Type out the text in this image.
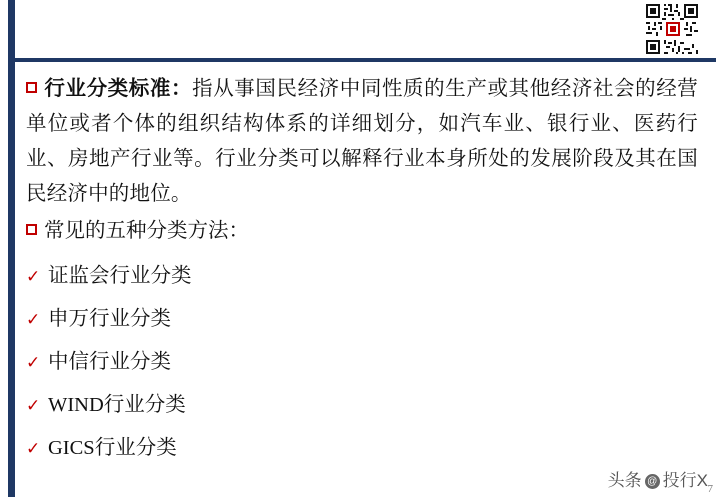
行业分类标准：指从事国民经济中同性质的生产或其他经济社会的经营单位或者个体的组织结构体系的详细划分，如汽车业、银行业、医药行业、房地产行业等。行业分类可以解释行业本身所处的发展阶段及其在国民经济中的地位。

常见的五种分类方法：

✓ 证监会行业分类
✓ 申万行业分类
✓ 中信行业分类
✓ WIND行业分类
✓ GICS行业分类
头条 @ 投行X 7
